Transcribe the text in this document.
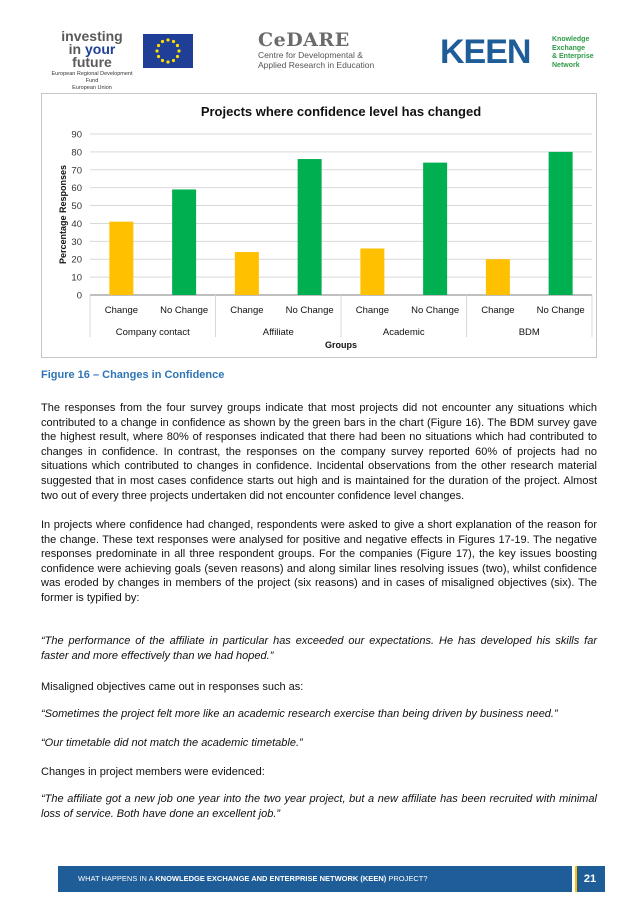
investing
in your future
European Regional Development Fund
European Union
CeDARE
Centre for Developmental &
Applied Research in Education	KEEN	Knowledge
Exchange
& Enterprise
Network
Projects where confidence level has changed
0
10
20
30
40
50
60
70
80
90
Percentage Responses
Change No Change Change No Change Change No Change Change No Change
Company contact	Affiliate	Academic	BDM
Groups
Figure 16 – Changes in Confidence

The responses from the four survey groups indicate that most projects did not encounter any situations which contributed to a change in confidence as shown by the green bars in the chart (Figure 16). The BDM survey gave the highest result, where 80% of responses indicated that there had been no situations which had contributed to changes in confidence. In contrast, the responses on the company survey reported 60% of projects had no situations which contributed to changes in confidence. Incidental observations from the other research material suggested that in most cases confidence starts out high and is maintained for the duration of the project. Almost two out of every three projects undertaken did not encounter confidence level changes.

In projects where confidence had changed, respondents were asked to give a short explanation of the reason for the change. These text responses were analysed for positive and negative effects in Figures 17-19. The negative responses predominate in all three respondent groups. For the companies (Figure 17), the key issues boosting confidence were achieving goals (seven reasons) and along similar lines resolving issues (two), whilst confidence was eroded by changes in members of the project (six reasons) and in cases of misaligned objectives (six). The former is typified by:

“The performance of the affiliate in particular has exceeded our expectations. He has developed his skills far faster and more effectively than we had hoped.”

Misaligned objectives came out in responses such as:

“Sometimes the project felt more like an academic research exercise than being driven by business need.”

“Our timetable did not match the academic timetable.”

Changes in project members were evidenced:

“The affiliate got a new job one year into the two year project, but a new affiliate has been recruited with minimal loss of service. Both have done an excellent job.”

WHAT HAPPENS IN A KNOWLEDGE EXCHANGE AND ENTERPRISE NETWORK (KEEN) PROJECT?	21
